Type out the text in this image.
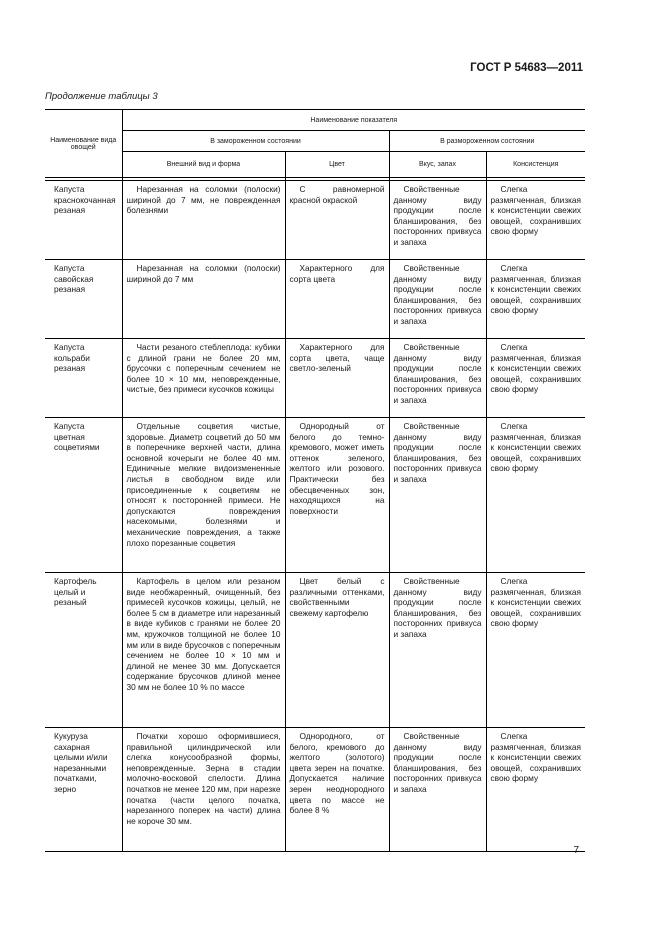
ГОСТ Р 54683—2011
Продолжение таблицы 3
Наименование вида овощей	Наименование показателя			
	В замороженном состоянии		В размороженном состоянии	
	Внешний вид и форма	Цвет	Вкус, запах	Консистенция

Капуста краснокочанная резаная	Нарезанная на соломки (полоски) шириной до 7 мм, не поврежденная болезнями	С равномерной красной окраской	Свойственные данному виду продукции после бланширования, без посторонних привкуса и запаха	Слегка размягченная, близкая к консистенции свежих овощей, сохранивших свою форму
Капуста савойская резаная	Нарезанная на соломки (полоски) шириной до 7 мм	Характерного для сорта цвета	Свойственные данному виду продукции после бланширования, без посторонних привкуса и запаха	Слегка размягченная, близкая к консистенции свежих овощей, сохранивших свою форму
Капуста кольраби резаная	Части резаного стеблеплода: кубики с длиной грани не более 20 мм, брусочки с поперечным сечением не более 10 × 10 мм, неповрежденные, чистые, без примеси кусочков кожицы	Характерного для сорта цвета, чаще светло-зеленый	Свойственные данному виду продукции после бланширования, без посторонних привкуса и запаха	Слегка размягченная, близкая к консистенции свежих овощей, сохранивших свою форму
Капуста цветная соцветиями	Отдельные соцветия чистые, здоровые. Диаметр соцветий до 50 мм в поперечнике верхней части, длина основной кочерыги не более 40 мм. Единичные мелкие видоизмененные листья в свободном виде или присоединенные к соцветиям не относят к посторонней примеси. Не допускаются повреждения насекомыми, болезнями и механические повреждения, а также плохо порезанные соцветия	Однородный от белого до темно-кремового, может иметь оттенок зеленого, желтого или розового. Практически без обесцвеченных зон, находящихся на поверхности	Свойственные данному виду продукции после бланширования, без посторонних привкуса и запаха	Слегка размягченная, близкая к консистенции свежих овощей, сохранивших свою форму
Картофель целый и резаный	Картофель в целом или резаном виде необжаренный, очищенный, без примесей кусочков кожицы, целый, не более 5 см в диаметре или нарезанный в виде кубиков с гранями не более 20 мм, кружочков толщиной не более 10 мм или в виде брусочков с поперечным сечением не более 10 × 10 мм и длиной не менее 30 мм. Допускается содержание брусочков длиной менее 30 мм не более 10 % по массе	Цвет белый с различными оттенками, свойственными свежему картофелю	Свойственные данному виду продукции после бланширования, без посторонних привкуса и запаха	Слегка размягченная, близкая к консистенции свежих овощей, сохранивших свою форму
Кукуруза сахарная целыми и/или нарезанными початками, зерно	Початки хорошо оформившиеся, правильной цилиндрической или слегка конусообразной формы, неповрежденные. Зерна в стадии молочно-восковой спелости. Длина початков не менее 120 мм, при нарезке початка (части целого початка, нарезанного поперек на части) длина не короче 30 мм.	Однородного, от белого, кремового до желтого (золотого) цвета зерен на початке. Допускается наличие зерен неоднородного цвета по массе не более 8 %	Свойственные данному виду продукции после бланширования, без посторонних привкуса и запаха	Слегка размягченная, близкая к консистенции свежих овощей, сохранивших свою форму
7
